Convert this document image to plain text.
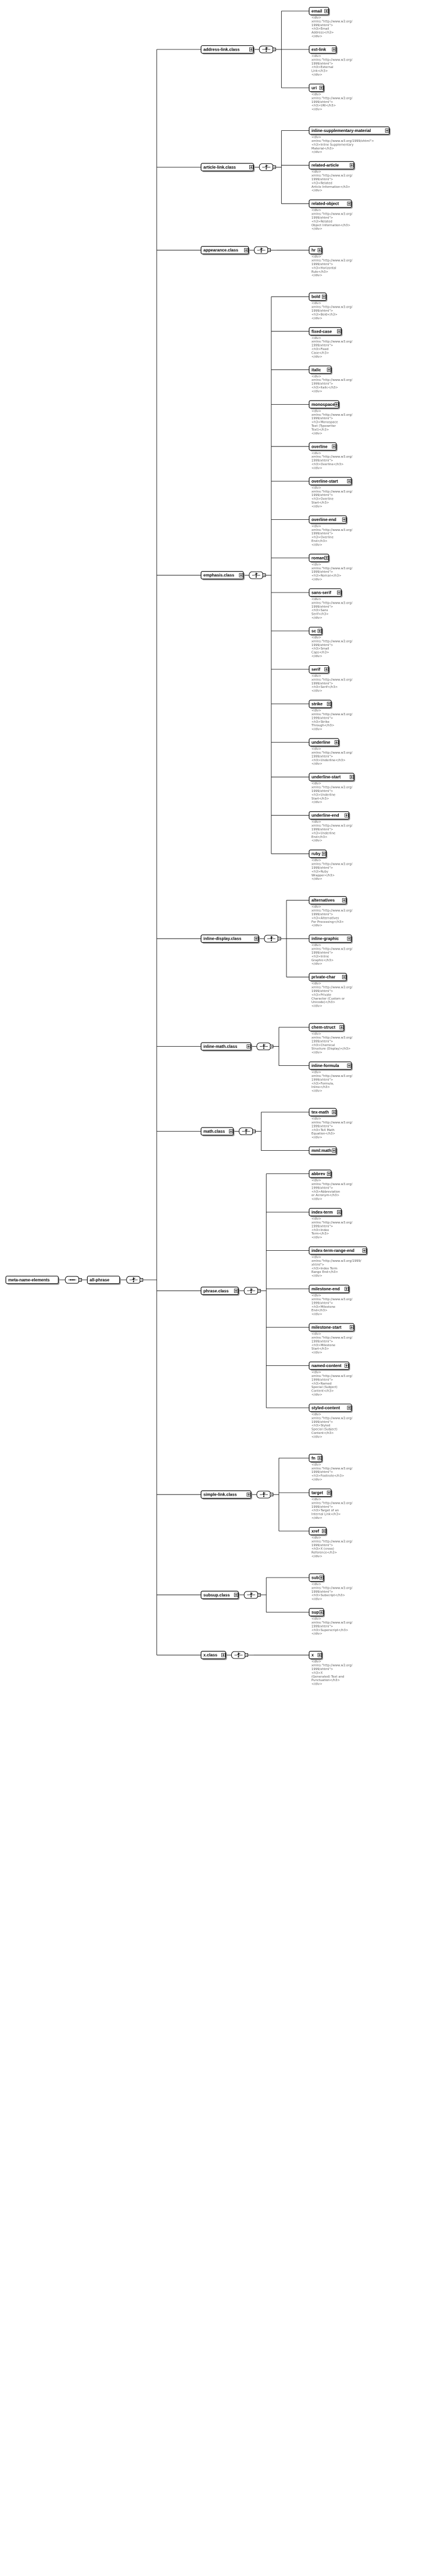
meta-name-elements	all-phrase
address-link.class
email
<div> xmlns:"http://www.w3.org/ 1999/xhtml"> <h3>Email Address</h3> </div>
ext-link
<div> xmlns:"http://www.w3.org/ 1999/xhtml"> <h3>External Link</h3> </div>
uri
<div> xmlns:"http://www.w3.org/ 1999/xhtml"> <h3>URI</h3> </div>
article-link.class
inline-supplementary-material
<div> xmlns:"http://www.w3.org/1999/xhtml"> <h3>Inline Supplementary Material</h3> </div>
related-article
<div> xmlns:"http://www.w3.org/ 1999/xhtml"> <h3>Related Article Information</h3> </div>
related-object
<div> xmlns:"http://www.w3.org/ 1999/xhtml"> <h3>Related Object Information</h3> </div>
appearance.class	hr
<div> xmlns:"http://www.w3.org/ 1999/xhtml"> <h3>Horizontal Rule</h3> </div>
emphasis.class
bold
<div> xmlns:"http://www.w3.org/ 1999/xhtml"> <h3>Bold</h3> </div>
fixed-case
<div> xmlns:"http://www.w3.org/ 1999/xhtml"> <h3>Fixed Case</h3> </div>
italic
<div> xmlns:"http://www.w3.org/ 1999/xhtml"> <h3>Italic</h3> </div>
monospace
<div> xmlns:"http://www.w3.org/ 1999/xhtml"> <h3>Monospace Text (Typewriter Text)</h3> </div>
overline
<div> xmlns:"http://www.w3.org/ 1999/xhtml"> <h3>Overline</h3> </div>
overline-start
<div> xmlns:"http://www.w3.org/ 1999/xhtml"> <h3>Overline Start</h3> </div>
overline-end
<div> xmlns:"http://www.w3.org/ 1999/xhtml"> <h3>Overline End</h3> </div>
roman
<div> xmlns:"http://www.w3.org/ 1999/xhtml"> <h3>Roman</h3> </div>
sans-serif
<div> xmlns:"http://www.w3.org/ 1999/xhtml"> <h3>Sans Serif</h3> </div>
sc
<div> xmlns:"http://www.w3.org/ 1999/xhtml"> <h3>Small Caps</h3> </div>
serif
<div> xmlns:"http://www.w3.org/ 1999/xhtml"> <h3>Serif</h3> </div>
strike
<div> xmlns:"http://www.w3.org/ 1999/xhtml"> <h3>Strike Through</h3> </div>
underline
<div> xmlns:"http://www.w3.org/ 1999/xhtml"> <h3>Underline</h3> </div>
underline-start
<div> xmlns:"http://www.w3.org/ 1999/xhtml"> <h3>Underline Start</h3> </div>
underline-end
<div> xmlns:"http://www.w3.org/ 1999/xhtml"> <h3>Underline End</h3> </div>
ruby
<div> xmlns:"http://www.w3.org/ 1999/xhtml"> <h3>Ruby Wrapper</h3> </div>
inline-display.class
alternatives
<div> xmlns:"http://www.w3.org/ 1999/xhtml"> <h3>Alternatives For Processing</h3> </div>
inline-graphic
<div> xmlns:"http://www.w3.org/ 1999/xhtml"> <h3>Inline Graphic</h3> </div>
private-char
<div> xmlns:"http://www.w3.org/ 1999/xhtml"> <h3>Private Character (Custom or Unicode)</h3> </div>
inline-math.class
chem-struct
<div> xmlns:"http://www.w3.org/ 1999/xhtml"> <h3>Chemical Structure (Display)</h3> </div>
inline-formula
<div> xmlns:"http://www.w3.org/ 1999/xhtml"> <h3>Formula, Inline</h3> </div>
math.class
tex-math
<div> xmlns:"http://www.w3.org/ 1999/xhtml"> <h3>TeX Math Equation</h3> </div>
mml:math
phrase.class
abbrev
<div> xmlns:"http://www.w3.org/ 1999/xhtml"> <h3>Abbreviation or Acronym</h3> </div>
index-term
<div> xmlns:"http://www.w3.org/ 1999/xhtml"> <h3>Index Term</h3> </div>
index-term-range-end
<div> xmlns:"http://www.w3.org/1999/ xhtml"> <h3>Index Term Range End</h3> </div>
milestone-end
<div> xmlns:"http://www.w3.org/ 1999/xhtml"> <h3>Milestone End</h3> </div>
milestone-start
<div> xmlns:"http://www.w3.org/ 1999/xhtml"> <h3>Milestone Start</h3> </div>
named-content
<div> xmlns:"http://www.w3.org/ 1999/xhtml"> <h3>Named Special (Subject) Content</h3> </div>
styled-content
<div> xmlns:"http://www.w3.org/ 1999/xhtml"> <h3>Styled Special (Subject) Content</h3> </div>
simple-link.class
fn
<div> xmlns:"http://www.w3.org/ 1999/xhtml"> <h3>Footnote</h3> </div>
target
<div> xmlns:"http://www.w3.org/ 1999/xhtml"> <h3>Target of an Internal Link</h3> </div>
xref
<div> xmlns:"http://www.w3.org/ 1999/xhtml"> <h3>X (cross) Reference</h3> </div>
subsup.class
sub
<div> xmlns:"http://www.w3.org/ 1999/xhtml"> <h3>Subscript</h3> </div>
sup
<div> xmlns:"http://www.w3.org/ 1999/xhtml"> <h3>Superscript</h3> </div>
x.class	x
<div> xmlns:"http://www.w3.org/ 1999/xhtml"> <h3>X (Generated) Text and Punctuation</h3> </div>
